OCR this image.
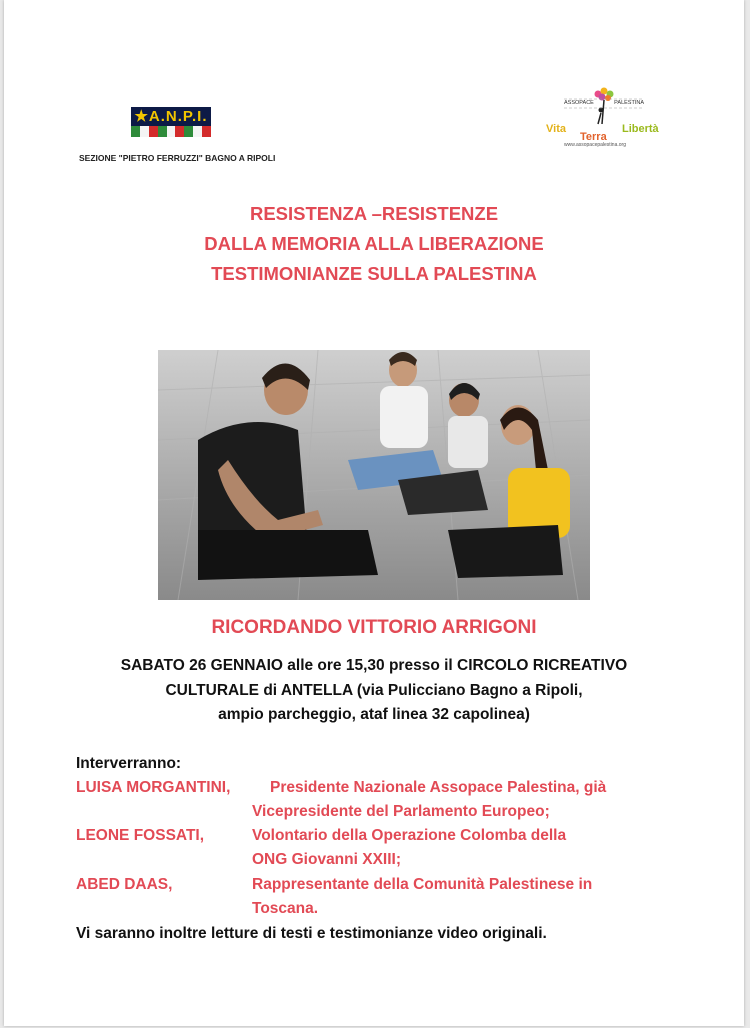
★A.N.P.I.
SEZIONE "PIETRO FERRUZZI" BAGNO A RIPOLI
ASSOPACE	PALESTINA
Vita
Terra
Libertà
www.assopacepalestina.org
RESISTENZA –RESISTENZE
DALLA MEMORIA ALLA LIBERAZIONE
TESTIMONIANZE SULLA PALESTINA
RICORDANDO VITTORIO ARRIGONI
SABATO 26 GENNAIO alle ore 15,30 presso il CIRCOLO RICREATIVO
CULTURALE di ANTELLA (via Pulicciano Bagno a Ripoli,
ampio parcheggio, ataf linea 32 capolinea)
Interverranno:
LUISA MORGANTINI,	Presidente Nazionale Assopace Palestina, già
Vicepresidente del Parlamento Europeo;
LEONE FOSSATI,	Volontario della Operazione Colomba della
ONG Giovanni XXIII;
ABED DAAS,	Rappresentante della Comunità Palestinese in
Toscana.
Vi saranno inoltre letture di testi e testimonianze video originali.
